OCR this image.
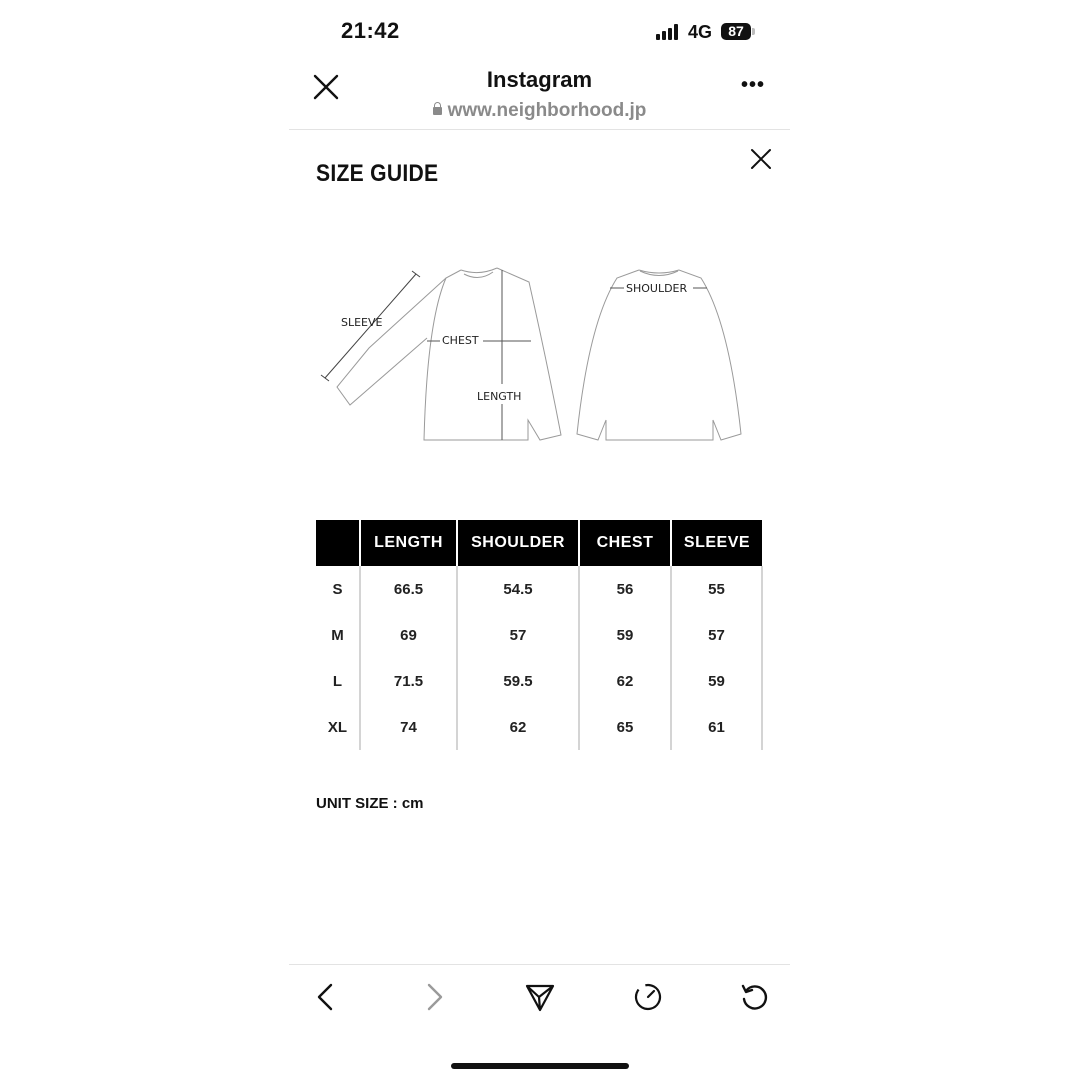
21:42	4G	87
Instagram
www.neighborhood.jp
•••
SIZE GUIDE
SLEEVE
CHEST
LENGTH
SHOULDER
	LENGTH	SHOULDER	CHEST	SLEEVE
S	66.5	54.5	56	55
M	69	57	59	57
L	71.5	59.5	62	59
XL	74	62	65	61
UNIT SIZE : cm
